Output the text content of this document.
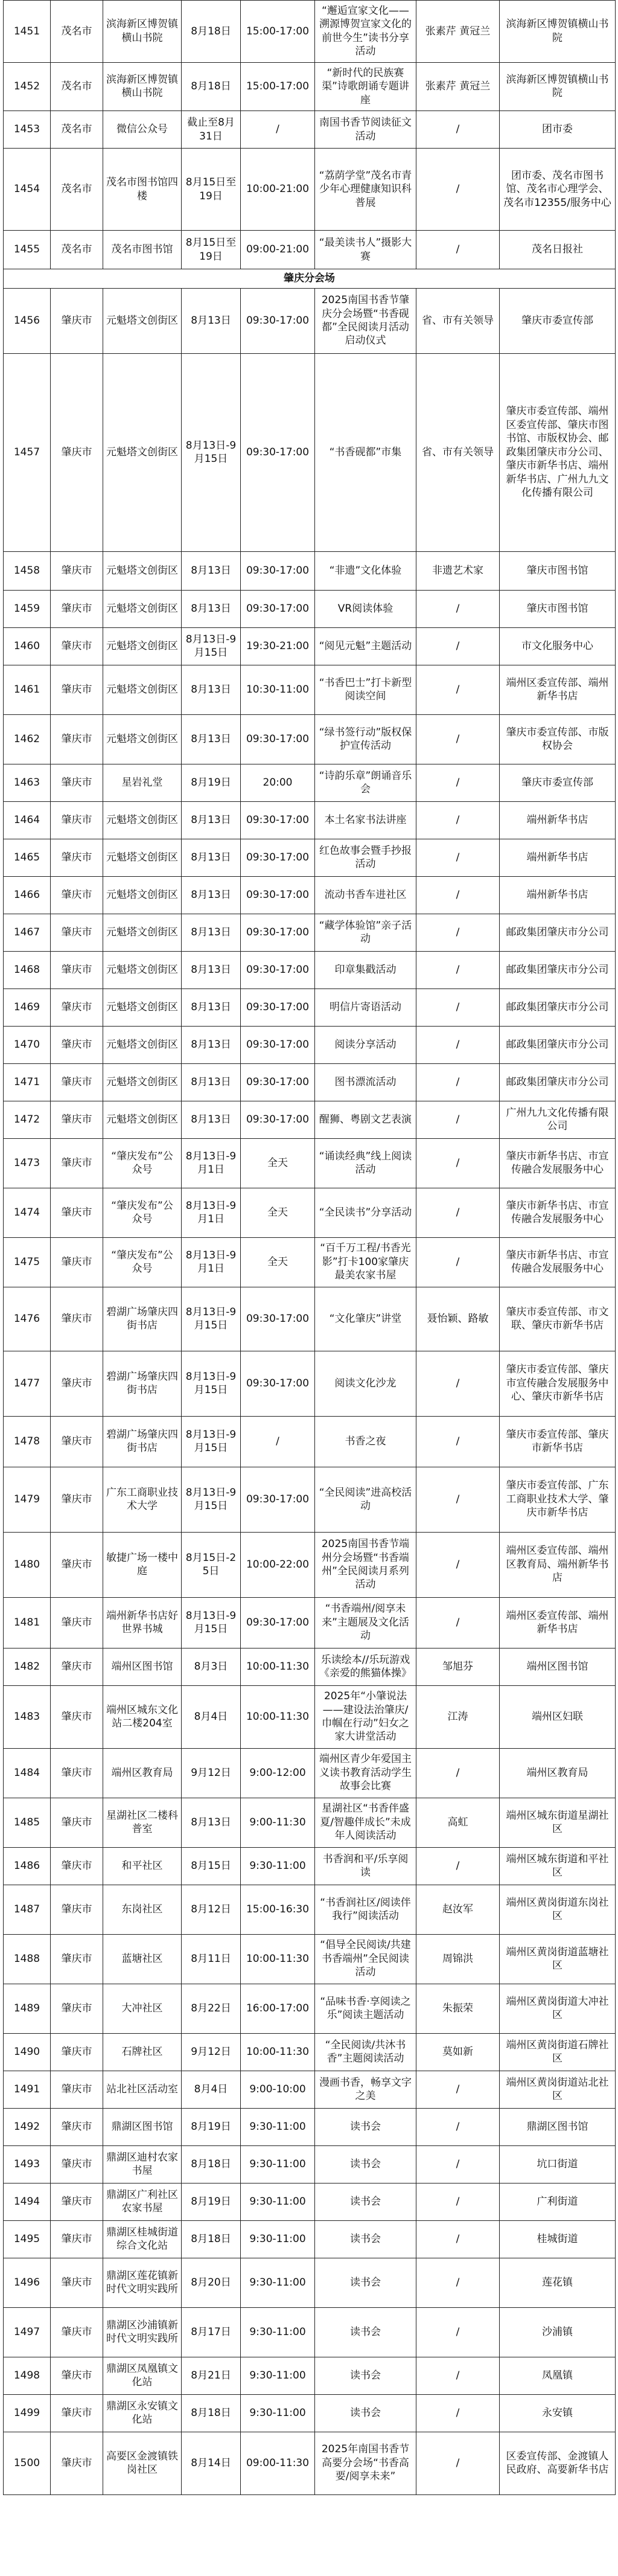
1451	茂名市	滨海新区博贺镇横山书院	8月18日	15:00-17:00	“邂逅宣家文化——溯源博贺宣家文化的前世今生”读书分享活动	张素芹 黄冠兰	滨海新区博贺镇横山书院
1452	茂名市	滨海新区博贺镇横山书院	8月18日	15:00-17:00	“新时代的民族赛渠”诗歌朗诵专题讲座	张素芹 黄冠兰	滨海新区博贺镇横山书院
1453	茂名市	微信公众号	截止至8月31日	/	南国书香节阅读征文活动	/	团市委
1454	茂名市	茂名市图书馆四楼	8月15日至19日	10:00-21:00	“荔荫学堂”茂名市青少年心理健康知识科普展	/	团市委、茂名市图书馆、茂名市心理学会、茂名市12355/服务中心
1455	茂名市	茂名市图书馆	8月15日至19日	09:00-21:00	“最美读书人”摄影大赛	/	茂名日报社
肇庆分会场							
1456	肇庆市	元魁塔文创街区	8月13日	09:30-17:00	2025南国书香节肇庆分会场暨“书香砚都”全民阅读月活动启动仪式	省、市有关领导	肇庆市委宣传部
1457	肇庆市	元魁塔文创街区	8月13日-9月15日	09:30-17:00	“书香砚都”市集	省、市有关领导	肇庆市委宣传部、端州区委宣传部、肇庆市图书馆、市版权协会、邮政集团肇庆市分公司、肇庆市新华书店、端州新华书店、广州九九文化传播有限公司
1458	肇庆市	元魁塔文创街区	8月13日	09:30-17:00	“非遗”文化体验	非遗艺术家	肇庆市图书馆
1459	肇庆市	元魁塔文创街区	8月13日	09:30-17:00	VR阅读体验	/	肇庆市图书馆
1460	肇庆市	元魁塔文创街区	8月13日-9月15日	19:30-21:00	“阅见元魁”主题活动	/	市文化服务中心
1461	肇庆市	元魁塔文创街区	8月13日	10:30-11:00	“书香巴士”打卡新型阅读空间	/	端州区委宣传部、端州新华书店
1462	肇庆市	元魁塔文创街区	8月13日	09:30-17:00	“绿书签行动”版权保护宣传活动	/	肇庆市委宣传部、市版权协会
1463	肇庆市	星岩礼堂	8月19日	20:00	“诗韵乐章”朗诵音乐会	/	肇庆市委宣传部
1464	肇庆市	元魁塔文创街区	8月13日	09:30-17:00	本土名家书法讲座	/	端州新华书店
1465	肇庆市	元魁塔文创街区	8月13日	09:30-17:00	红色故事会暨手抄报活动	/	端州新华书店
1466	肇庆市	元魁塔文创街区	8月13日	09:30-17:00	流动书香车进社区	/	端州新华书店
1467	肇庆市	元魁塔文创街区	8月13日	09:30-17:00	“藏学体验馆”亲子活动	/	邮政集团肇庆市分公司
1468	肇庆市	元魁塔文创街区	8月13日	09:30-17:00	印章集戳活动	/	邮政集团肇庆市分公司
1469	肇庆市	元魁塔文创街区	8月13日	09:30-17:00	明信片寄语活动	/	邮政集团肇庆市分公司
1470	肇庆市	元魁塔文创街区	8月13日	09:30-17:00	阅读分享活动	/	邮政集团肇庆市分公司
1471	肇庆市	元魁塔文创街区	8月13日	09:30-17:00	图书漂流活动	/	邮政集团肇庆市分公司
1472	肇庆市	元魁塔文创街区	8月13日	09:30-17:00	醒狮、粤剧文艺表演	/	广州九九文化传播有限公司
1473	肇庆市	“肇庆发布”公众号	8月13日-9月1日	全天	“诵读经典”线上阅读活动	/	肇庆市新华书店、市宣传融合发展服务中心
1474	肇庆市	“肇庆发布”公众号	8月13日-9月1日	全天	“全民读书”分享活动	/	肇庆市新华书店、市宣传融合发展服务中心
1475	肇庆市	“肇庆发布”公众号	8月13日-9月1日	全天	“百千万工程/书香光影”打卡100家肇庆最美农家书屋	/	肇庆市新华书店、市宣传融合发展服务中心
1476	肇庆市	碧湖广场肇庆四街书店	8月13日-9月15日	09:30-17:00	“文化肇庆”讲堂	聂怡颖、路敏	肇庆市委宣传部、市文联、肇庆市新华书店
1477	肇庆市	碧湖广场肇庆四街书店	8月13日-9月15日	09:30-17:00	阅读文化沙龙	/	肇庆市委宣传部、肇庆市宣传融合发展服务中心、肇庆市新华书店
1478	肇庆市	碧湖广场肇庆四街书店	8月13日-9月15日	/	书香之夜	/	肇庆市委宣传部、肇庆市新华书店
1479	肇庆市	广东工商职业技术大学	8月13日-9月15日	09:30-17:00	“全民阅读”进高校活动	/	肇庆市委宣传部、广东工商职业技术大学、肇庆市新华书店
1480	肇庆市	敏捷广场一楼中庭	8月15日-25日	10:00-22:00	2025南国书香节端州分会场暨“书香端州”全民阅读月系列活动	/	端州区委宣传部、端州区教育局、端州新华书店
1481	肇庆市	端州新华书店好世界书城	8月13日-9月15日	09:30-17:00	“书香端州/阅享未来”主题展及文化活动	/	端州区委宣传部、端州新华书店
1482	肇庆市	端州区图书馆	8月3日	10:00-11:30	乐读绘本//乐玩游戏《亲爱的熊猫体操》	邹旭芬	端州区图书馆
1483	肇庆市	端州区城东文化站二楼204室	8月4日	10:00-11:30	2025年“小肇说法——建设法治肇庆/巾帼在行动”妇女之家大讲堂活动	江涛	端州区妇联
1484	肇庆市	端州区教育局	9月12日	9:00-12:00	端州区青少年爱国主义读书教育活动学生故事会比赛	/	端州区教育局
1485	肇庆市	星湖社区二楼科普室	8月13日	9:00-11:30	星湖社区“书香伴盛夏/智趣伴成长”未成年人阅读活动	高虹	端州区城东街道星湖社区
1486	肇庆市	和平社区	8月15日	9:30-11:00	书香润和平/乐享阅读	/	端州区城东街道和平社区
1487	肇庆市	东岗社区	8月12日	15:00-16:30	“书香润社区/阅读伴我行”阅读活动	赵汝军	端州区黄岗街道东岗社区
1488	肇庆市	蓝塘社区	8月11日	10:00-11:30	“倡导全民阅读/共建书香端州”全民阅读活动	周锦洪	端州区黄岗街道蓝塘社区
1489	肇庆市	大冲社区	8月22日	16:00-17:00	“品味书香·享阅读之乐”阅读主题活动	朱振荣	端州区黄岗街道大冲社区
1490	肇庆市	石牌社区	9月12日	10:00-11:30	“全民阅读/共沐书香”主题阅读活动	莫如新	端州区黄岗街道石牌社区
1491	肇庆市	站北社区活动室	8月4日	9:00-10:00	漫画书香，畅享文字之美	/	端州区黄岗街道站北社区
1492	肇庆市	鼎湖区图书馆	8月19日	9:30-11:00	读书会	/	鼎湖区图书馆
1493	肇庆市	鼎湖区迪村农家书屋	8月18日	9:30-11:00	读书会	/	坑口街道
1494	肇庆市	鼎湖区广利社区农家书屋	8月19日	9:30-11:00	读书会	/	广利街道
1495	肇庆市	鼎湖区桂城街道综合文化站	8月18日	9:30-11:00	读书会	/	桂城街道
1496	肇庆市	鼎湖区莲花镇新时代文明实践所	8月20日	9:30-11:00	读书会	/	莲花镇
1497	肇庆市	鼎湖区沙浦镇新时代文明实践所	8月17日	9:30-11:00	读书会	/	沙浦镇
1498	肇庆市	鼎湖区凤凰镇文化站	8月21日	9:30-11:00	读书会	/	凤凰镇
1499	肇庆市	鼎湖区永安镇文化站	8月18日	9:30-11:00	读书会	/	永安镇
1500	肇庆市	高要区金渡镇铁岗社区	8月14日	09:00-11:30	2025年南国书香节高要分会场“书香高要/阅享未来”	/	区委宣传部、金渡镇人民政府、高要新华书店
